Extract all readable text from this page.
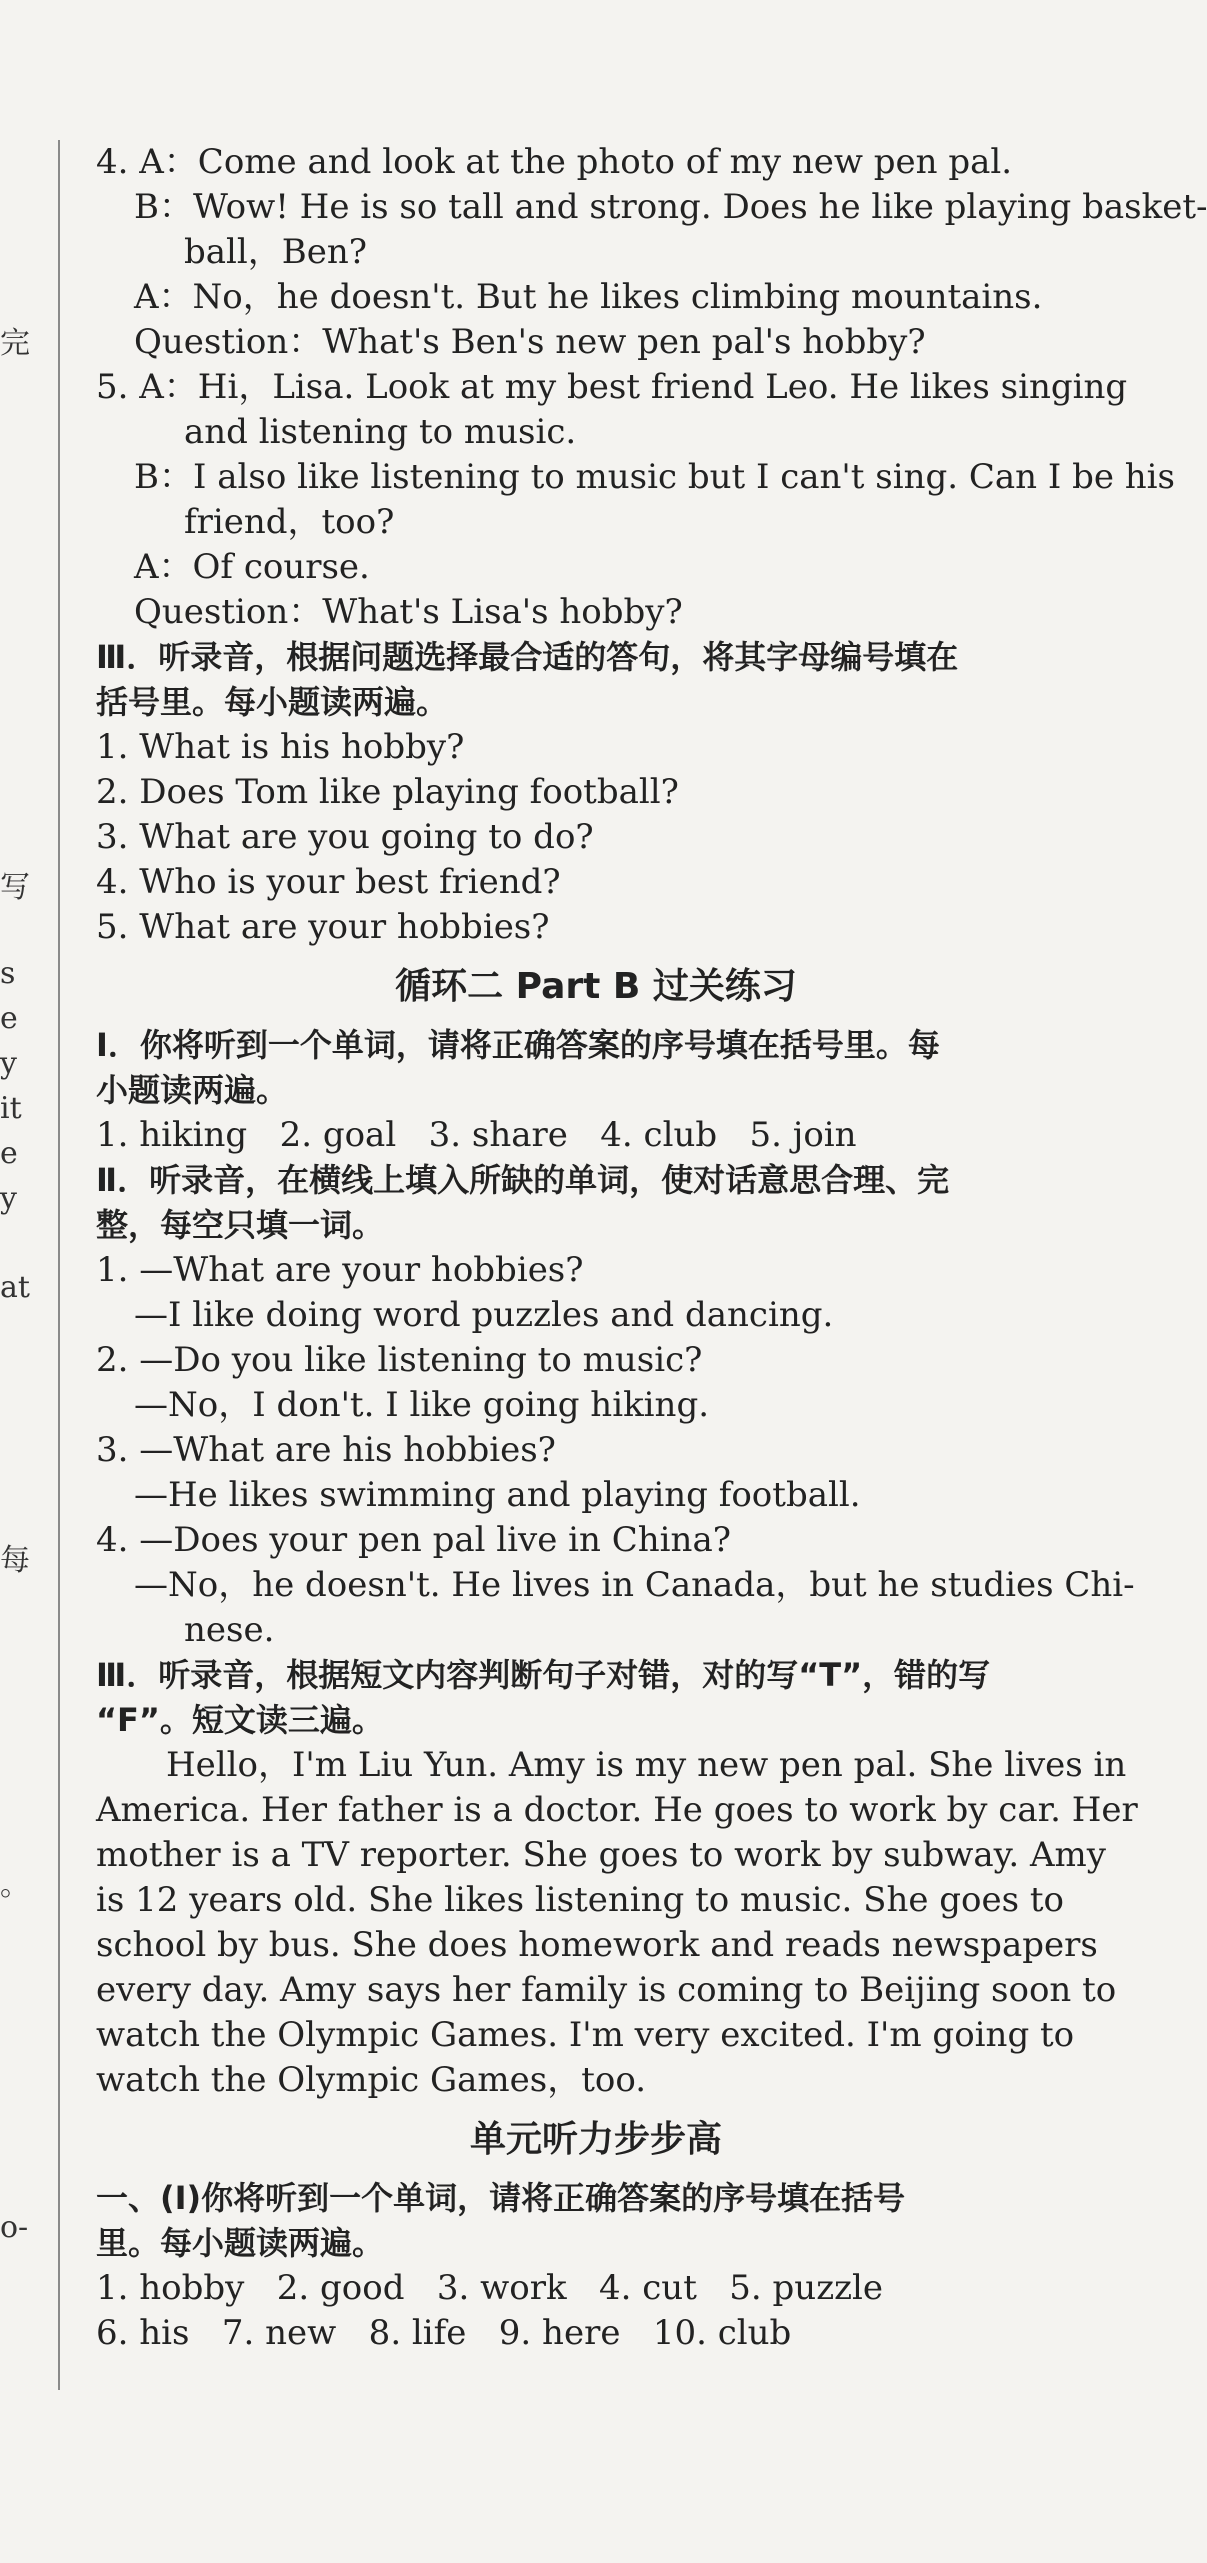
完
写
s
e
y
it
e
y
at
每
。
o-
4. A：Come and look at the photo of my new pen pal.
B：Wow! He is so tall and strong. Does he like playing basket-
ball，Ben?
A：No，he doesn't. But he likes climbing mountains.
Question：What's Ben's new pen pal's hobby?
5. A：Hi，Lisa. Look at my best friend Leo. He likes singing
and listening to music.
B：I also like listening to music but I can't sing. Can I be his
friend，too?
A：Of course.
Question：What's Lisa's hobby?
Ⅲ．听录音，根据问题选择最合适的答句，将其字母编号填在
括号里。每小题读两遍。
1. What is his hobby?
2. Does Tom like playing football?
3. What are you going to do?
4. Who is your best friend?
5. What are your hobbies?
循环二 Part B 过关练习
Ⅰ．你将听到一个单词，请将正确答案的序号填在括号里。每
小题读两遍。
1. hiking   2. goal   3. share   4. club   5. join
Ⅱ．听录音，在横线上填入所缺的单词，使对话意思合理、完
整，每空只填一词。
1. —What are your hobbies?
—I like doing word puzzles and dancing.
2. —Do you like listening to music?
—No，I don't. I like going hiking.
3. —What are his hobbies?
—He likes swimming and playing football.
4. —Does your pen pal live in China?
—No，he doesn't. He lives in Canada，but he studies Chi-
nese.
Ⅲ．听录音，根据短文内容判断句子对错，对的写“T”，错的写
“F”。短文读三遍。
Hello，I'm Liu Yun. Amy is my new pen pal. She lives in
America. Her father is a doctor. He goes to work by car. Her
mother is a TV reporter. She goes to work by subway. Amy
is 12 years old. She likes listening to music. She goes to
school by bus. She does homework and reads newspapers
every day. Amy says her family is coming to Beijing soon to
watch the Olympic Games. I'm very excited. I'm going to
watch the Olympic Games，too.
单元听力步步高
一、(Ⅰ)你将听到一个单词，请将正确答案的序号填在括号
里。每小题读两遍。
1. hobby   2. good   3. work   4. cut   5. puzzle
6. his   7. new   8. life   9. here   10. club
